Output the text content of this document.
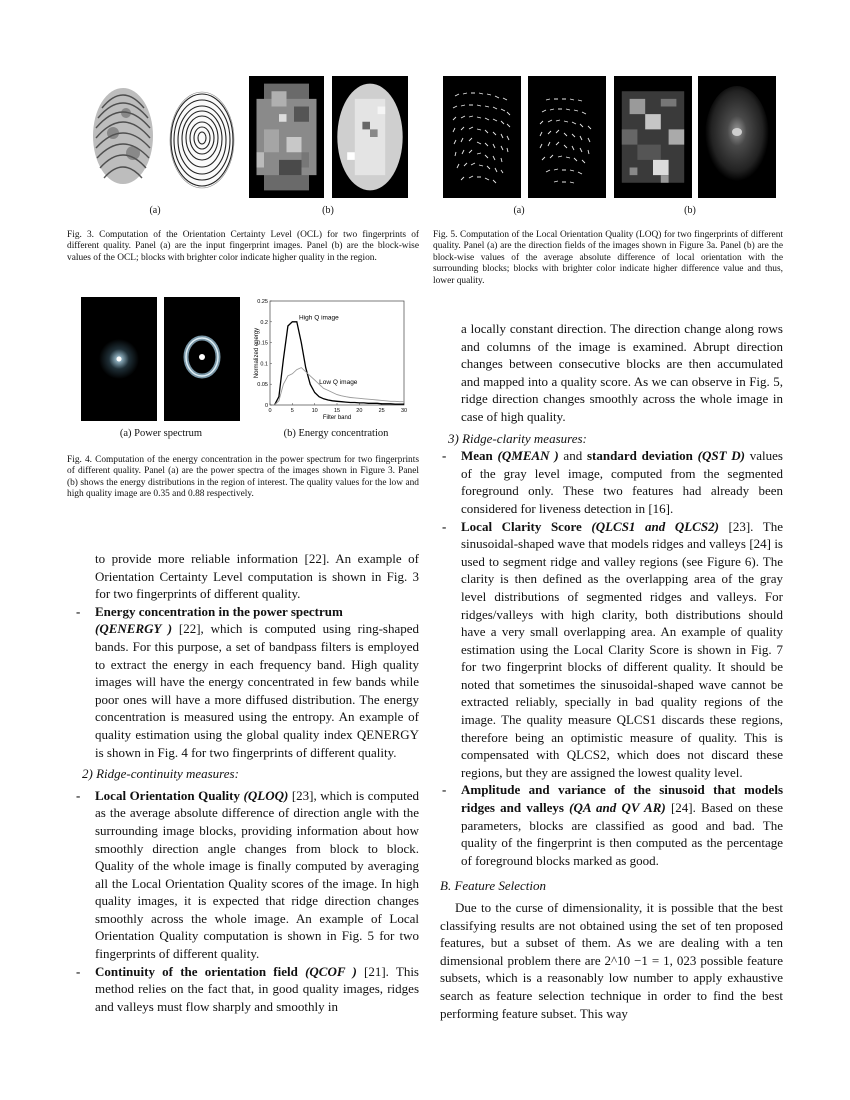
(a)	(b)
Fig. 3. Computation of the Orientation Certainty Level (OCL) for two fingerprints of different quality. Panel (a) are the input fingerprint images. Panel (b) are the block-wise values of the OCL; blocks with brighter color indicate higher quality in the region.
(a)	(b)
Fig. 5. Computation of the Local Orientation Quality (LOQ) for two fingerprints of different quality. Panel (a) are the direction fields of the images shown in Figure 3a. Panel (b) are the block-wise values of the average absolute difference of local orientation with the surrounding blocks; blocks with brighter color indicate higher difference value and thus, lower quality.
0	5	10	15	20	25	30
0
0.05
0.1
0.15
0.2
0.25
Filter band
Normalized energy
High Q image
Low Q image
(a) Power spectrum	(b) Energy concentration
Fig. 4. Computation of the energy concentration in the power spectrum for two fingerprints of different quality. Panel (a) are the power spectra of the images shown in Figure 3. Panel (b) shows the energy distributions in the region of interest. The quality values for the low and high quality image are 0.35 and 0.88 respectively.

to provide more reliable information [22]. An example of Orientation Certainty Level computation is shown in Fig. 3 for two fingerprints of different quality.

- Energy concentration in the power spectrum
(QENERGY ) [22], which is computed using ring-shaped bands. For this purpose, a set of bandpass filters is employed to extract the energy in each frequency band. High quality images will have the energy concentrated in few bands while poor ones will have a more diffused distribution. The energy concentration is measured using the entropy. An example of quality estimation using the global quality index QENERGY is shown in Fig. 4 for two fingerprints of different quality.

2) Ridge-continuity measures:

- Local Orientation Quality (QLOQ) [23], which is computed as the average absolute difference of direction angle with the surrounding image blocks, providing information about how smoothly direction angle changes from block to block. Quality of the whole image is finally computed by averaging all the Local Orientation Quality scores of the image. In high quality images, it is expected that ridge direction changes smoothly across the whole image. An example of Local Orientation Quality computation is shown in Fig. 5 for two fingerprints of different quality.
- Continuity of the orientation field (QCOF ) [21]. This method relies on the fact that, in good quality images, ridges and valleys must flow sharply and smoothly in

a locally constant direction. The direction change along rows and columns of the image is examined. Abrupt direction changes between consecutive blocks are then accumulated and mapped into a quality score. As we can observe in Fig. 5, ridge direction changes smoothly across the whole image in case of high quality.

3) Ridge-clarity measures:

- Mean (QMEAN ) and standard deviation (QST D) values of the gray level image, computed from the segmented foreground only. These two features had already been considered for liveness detection in [16].
- Local Clarity Score (QLCS1 and QLCS2) [23]. The sinusoidal-shaped wave that models ridges and valleys [24] is used to segment ridge and valley regions (see Figure 6). The clarity is then defined as the overlapping area of the gray level distributions of segmented ridges and valleys. For ridges/valleys with high clarity, both distributions should have a very small overlapping area. An example of quality estimation using the Local Clarity Score is shown in Fig. 7 for two fingerprint blocks of different quality. It should be noted that sometimes the sinusoidal-shaped wave cannot be extracted reliably, specially in bad quality regions of the image. The quality measure QLCS1 discards these regions, therefore being an optimistic measure of quality. This is compensated with QLCS2, which does not discard these regions, but they are assigned the lowest quality level.
- Amplitude and variance of the sinusoid that models ridges and valleys (QA and QV AR) [24]. Based on these parameters, blocks are classified as good and bad. The quality of the fingerprint is then computed as the percentage of foreground blocks marked as good.

B. Feature Selection

Due to the curse of dimensionality, it is possible that the best classifying results are not obtained using the set of ten proposed features, but a subset of them. As we are dealing with a ten dimensional problem there are 2^10 −1 = 1, 023 possible feature subsets, which is a reasonably low number to apply exhaustive search as feature selection technique in order to find the best performing feature subset. This way
